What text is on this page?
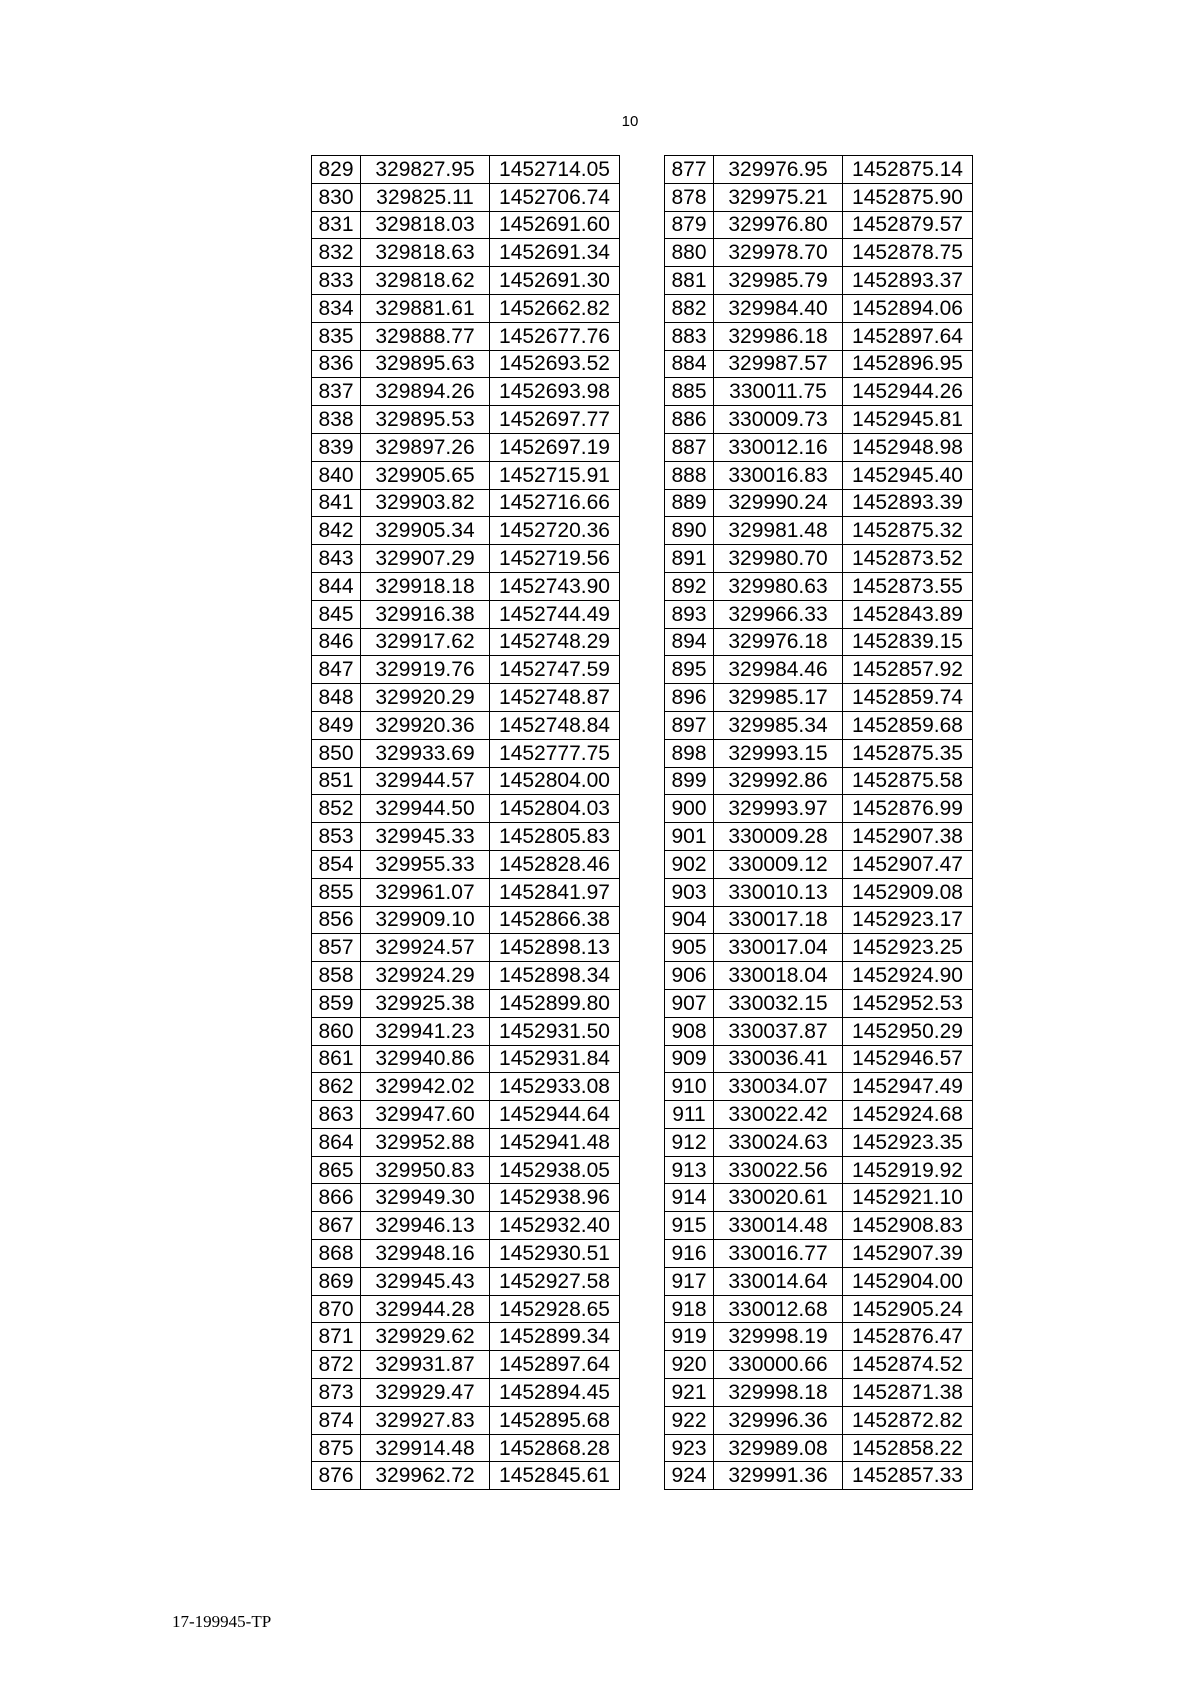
10
829	329827.95	1452714.05
830	329825.11	1452706.74
831	329818.03	1452691.60
832	329818.63	1452691.34
833	329818.62	1452691.30
834	329881.61	1452662.82
835	329888.77	1452677.76
836	329895.63	1452693.52
837	329894.26	1452693.98
838	329895.53	1452697.77
839	329897.26	1452697.19
840	329905.65	1452715.91
841	329903.82	1452716.66
842	329905.34	1452720.36
843	329907.29	1452719.56
844	329918.18	1452743.90
845	329916.38	1452744.49
846	329917.62	1452748.29
847	329919.76	1452747.59
848	329920.29	1452748.87
849	329920.36	1452748.84
850	329933.69	1452777.75
851	329944.57	1452804.00
852	329944.50	1452804.03
853	329945.33	1452805.83
854	329955.33	1452828.46
855	329961.07	1452841.97
856	329909.10	1452866.38
857	329924.57	1452898.13
858	329924.29	1452898.34
859	329925.38	1452899.80
860	329941.23	1452931.50
861	329940.86	1452931.84
862	329942.02	1452933.08
863	329947.60	1452944.64
864	329952.88	1452941.48
865	329950.83	1452938.05
866	329949.30	1452938.96
867	329946.13	1452932.40
868	329948.16	1452930.51
869	329945.43	1452927.58
870	329944.28	1452928.65
871	329929.62	1452899.34
872	329931.87	1452897.64
873	329929.47	1452894.45
874	329927.83	1452895.68
875	329914.48	1452868.28
876	329962.72	1452845.61
877	329976.95	1452875.14
878	329975.21	1452875.90
879	329976.80	1452879.57
880	329978.70	1452878.75
881	329985.79	1452893.37
882	329984.40	1452894.06
883	329986.18	1452897.64
884	329987.57	1452896.95
885	330011.75	1452944.26
886	330009.73	1452945.81
887	330012.16	1452948.98
888	330016.83	1452945.40
889	329990.24	1452893.39
890	329981.48	1452875.32
891	329980.70	1452873.52
892	329980.63	1452873.55
893	329966.33	1452843.89
894	329976.18	1452839.15
895	329984.46	1452857.92
896	329985.17	1452859.74
897	329985.34	1452859.68
898	329993.15	1452875.35
899	329992.86	1452875.58
900	329993.97	1452876.99
901	330009.28	1452907.38
902	330009.12	1452907.47
903	330010.13	1452909.08
904	330017.18	1452923.17
905	330017.04	1452923.25
906	330018.04	1452924.90
907	330032.15	1452952.53
908	330037.87	1452950.29
909	330036.41	1452946.57
910	330034.07	1452947.49
911	330022.42	1452924.68
912	330024.63	1452923.35
913	330022.56	1452919.92
914	330020.61	1452921.10
915	330014.48	1452908.83
916	330016.77	1452907.39
917	330014.64	1452904.00
918	330012.68	1452905.24
919	329998.19	1452876.47
920	330000.66	1452874.52
921	329998.18	1452871.38
922	329996.36	1452872.82
923	329989.08	1452858.22
924	329991.36	1452857.33
17-199945-TP
